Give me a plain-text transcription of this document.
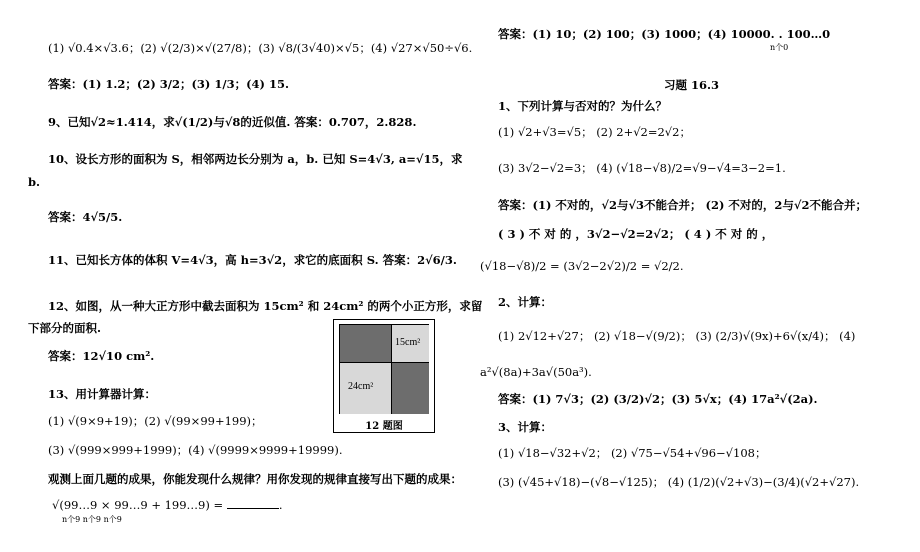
(1) √0.4×√3.6；(2) √(2/3)×√(27/8)；(3) √8/(3√40)×√5；(4) √27×√50÷√6.
答案：(1) 1.2；(2) 3/2；(3) 1/3；(4) 15.
9、已知√2≈1.414，求√(1/2)与√8的近似值. 答案：0.707，2.828.
10、设长方形的面积为 S，相邻两边长分别为 a，b. 已知 S=4√3, a=√15，求
b.
答案：4√5/5.
11、已知长方体的体积 V=4√3，高 h=3√2，求它的底面积 S. 答案：2√6/3.
12、如图，从一种大正方形中截去面积为 15cm² 和 24cm² 的两个小正方形，求留
下部分的面积.
答案：12√10 cm².
13、用计算器计算：
(1) √(9×9+19)；(2) √(99×99+199)；
(3) √(999×999+1999)；(4) √(9999×9999+19999).
观测上面几题的成果，你能发现什么规律？用你发现的规律直接写出下题的成果：
√(99…9 × 99…9 + 199…9) =	.
n个9 n个9 n个9
15cm²
24cm²
12 题图
答案：(1) 10；(2) 100；(3) 1000；(4) 10000. . 100…0
n个0
习题 16.3
1、下列计算与否对的？为什么？
(1) √2+√3=√5； (2) 2+√2=2√2；
(3) 3√2−√2=3； (4) (√18−√8)/2=√9−√4=3−2=1.
答案：(1) 不对的，√2与√3不能合并； (2) 不对的，2与√2不能合并；
( 3 ) 不 对 的 ，3√2−√2=2√2； ( 4 ) 不 对 的 ，
(√18−√8)/2 = (3√2−2√2)/2 = √2/2.
2、计算：
(1) 2√12+√27； (2) √18−√(9/2)； (3) (2/3)√(9x)+6√(x/4)； (4)
a²√(8a)+3a√(50a³).
答案：(1) 7√3；(2) (3/2)√2；(3) 5√x；(4) 17a²√(2a).
3、计算：
(1) √18−√32+√2； (2) √75−√54+√96−√108；
(3) (√45+√18)−(√8−√125)； (4) (1/2)(√2+√3)−(3/4)(√2+√27).
